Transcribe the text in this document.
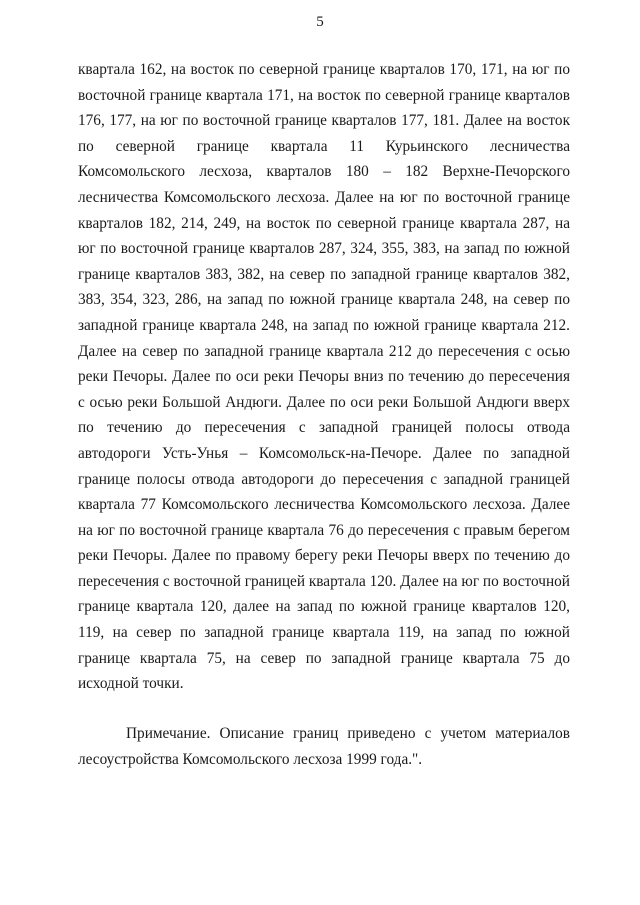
5
квартала 162, на восток по северной границе кварталов 170, 171, на юг по
восточной границе квартала 171, на восток по северной границе кварталов
176, 177, на юг по восточной границе кварталов 177, 181. Далее на восток
по северной границе квартала 11 Курьинского лесничества
Комсомольского лесхоза, кварталов 180 – 182 Верхне-Печорского
лесничества Комсомольского лесхоза. Далее на юг по восточной границе
кварталов 182, 214, 249, на восток по северной границе квартала 287, на
юг по восточной границе кварталов 287, 324, 355, 383, на запад по южной
границе кварталов 383, 382, на север по западной границе кварталов 382,
383, 354, 323, 286, на запад по южной границе квартала 248, на север по
западной границе квартала 248, на запад по южной границе квартала 212.
Далее на север по западной границе квартала 212 до пересечения с осью
реки Печоры. Далее по оси реки Печоры вниз по течению до пересечения
с осью реки Большой Андюги. Далее по оси реки Большой Андюги вверх
по течению до пересечения с западной границей полосы отвода
автодороги Усть-Унья – Комсомольск-на-Печоре. Далее по западной
границе полосы отвода автодороги до пересечения с западной границей
квартала 77 Комсомольского лесничества Комсомольского лесхоза. Далее
на юг по восточной границе квартала 76 до пересечения с правым берегом
реки Печоры. Далее по правому берегу реки Печоры вверх по течению до
пересечения с восточной границей квартала 120. Далее на юг по восточной
границе квартала 120, далее на запад по южной границе кварталов 120,
119, на север по западной границе квартала 119, на запад по южной
границе квартала 75, на север по западной границе квартала 75 до
исходной точки.
Примечание. Описание границ приведено с учетом материалов
лесоустройства Комсомольского лесхоза 1999 года.".
